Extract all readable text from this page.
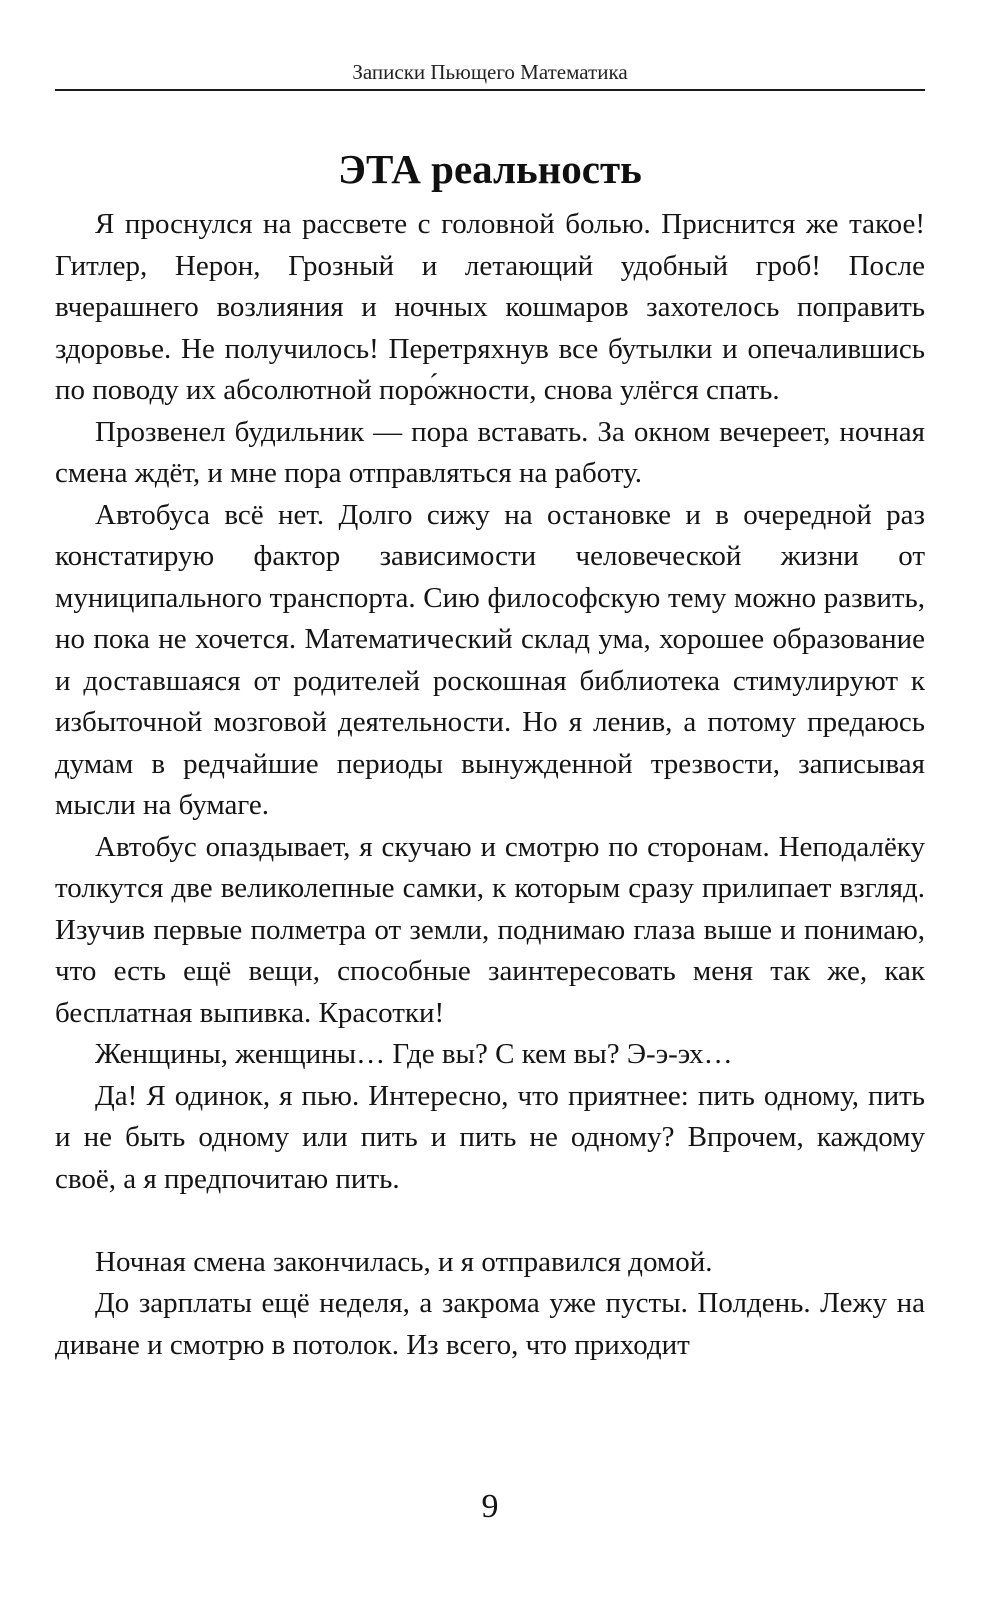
Записки Пьющего Математика
ЭТА реальность

Я проснулся на рассвете с головной болью. Приснится же такое! Гитлер, Нерон, Грозный и летающий удобный гроб! После вчерашнего возлияния и ночных кошмаров захотелось поправить здоровье. Не получилось! Перетряхнув все бутылки и опечалившись по поводу их абсолютной поро́жности, снова улёгся спать.

Прозвенел будильник — пора вставать. За окном вечереет, ночная смена ждёт, и мне пора отправляться на работу.

Автобуса всё нет. Долго сижу на остановке и в очередной раз констатирую фактор зависимости человеческой жизни от муниципального транспорта. Сию философскую тему можно развить, но пока не хочется. Математический склад ума, хорошее образование и доставшаяся от родителей роскошная библиотека стимулируют к избыточной мозговой деятельности. Но я ленив, а потому предаюсь думам в редчайшие периоды вынужденной трезвости, записывая мысли на бумаге.

Автобус опаздывает, я скучаю и смотрю по сторонам. Неподалёку толкутся две великолепные самки, к которым сразу прилипает взгляд. Изучив первые полметра от земли, поднимаю глаза выше и понимаю, что есть ещё вещи, способные заинтересовать меня так же, как бесплатная выпивка. Красотки!

Женщины, женщины… Где вы? С кем вы? Э-э-эх…

Да! Я одинок, я пью. Интересно, что приятнее: пить одному, пить и не быть одному или пить и пить не одному? Впрочем, каждому своё, а я предпочитаю пить.

Ночная смена закончилась, и я отправился домой.

До зарплаты ещё неделя, а закрома уже пусты. Полдень. Лежу на диване и смотрю в потолок. Из всего, что приходит

9
